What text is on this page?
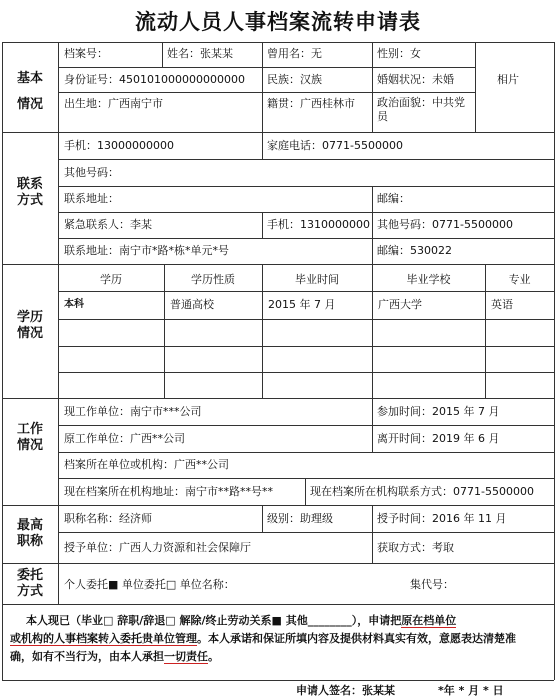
流动人员人事档案流转申请表
基本
情况
联系
方式
学历
情况
工作
情况
最高
职称
委托
方式
档案号：	姓名：张某某	曾用名：无	性别：女
身份证号：450101000000000000 民族：汉族	婚姻状况：未婚	相片
出生地：广西南宁市	籍贯：广西桂林市 政治面貌：中共党
员
手机：13000000000	家庭电话：0771-5500000
其他号码：
联系地址：	邮编：
紧急联系人：李某	手机：1310000000 其他号码：0771-5500000
联系地址：南宁市*路*栋*单元*号	邮编：530022
学历	学历性质	毕业时间	毕业学校	专业
本科	普通高校	2015 年 7 月	广西大学	英语
现工作单位：南宁市***公司	参加时间：2015 年 7 月
原工作单位：广西**公司	离开时间：2019 年 6 月
档案所在单位或机构：广西**公司
现在档案所在机构地址：南宁市**路**号**	现在档案所在机构联系方式：0771-5500000
职称名称：经济师	级别：助理级	授予时间：2016 年 11 月
授予单位：广西人力资源和社会保障厅	获取方式：考取
个人委托■ 单位委托□ 单位名称：	集代号：
本人现已（毕业□ 辞职/辞退□ 解除/终止劳动关系■ 其他________），申请把原在档单位
或机构的人事档案转入委托贵单位管理。本人承诺和保证所填内容及提供材料真实有效，意愿表达清楚准
确，如有不当行为，由本人承担一切责任。
申请人签名：张某某	*年 * 月 * 日
